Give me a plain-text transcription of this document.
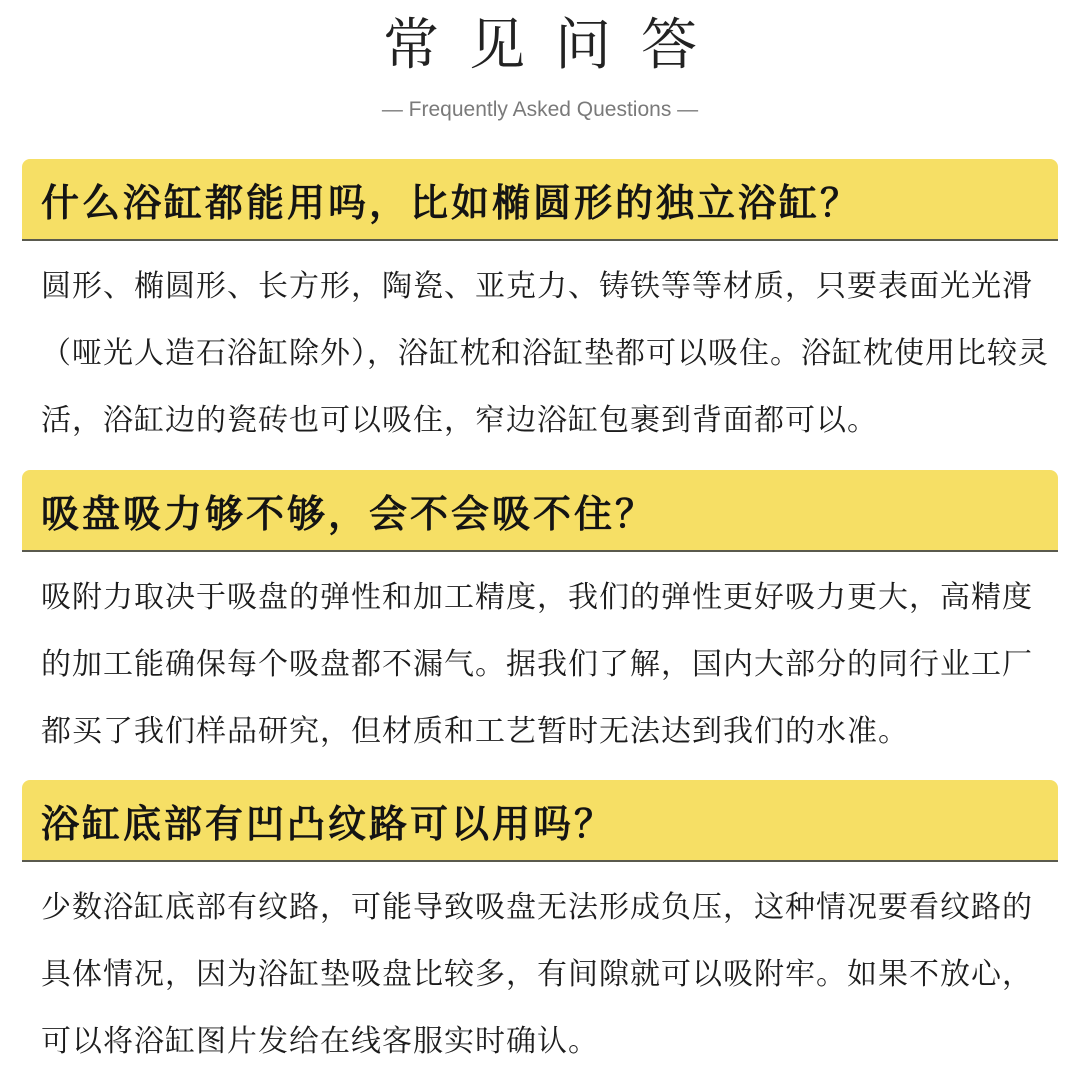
常见问答
— Frequently Asked Questions —
什么浴缸都能用吗，比如椭圆形的独立浴缸？

圆形、椭圆形、长方形，陶瓷、亚克力、铸铁等等材质，只要表面光光滑（哑光人造石浴缸除外），浴缸枕和浴缸垫都可以吸住。浴缸枕使用比较灵活，浴缸边的瓷砖也可以吸住，窄边浴缸包裹到背面都可以。

吸盘吸力够不够，会不会吸不住？

吸附力取决于吸盘的弹性和加工精度，我们的弹性更好吸力更大，高精度的加工能确保每个吸盘都不漏气。据我们了解，国内大部分的同行业工厂都买了我们样品研究，但材质和工艺暂时无法达到我们的水准。

浴缸底部有凹凸纹路可以用吗？

少数浴缸底部有纹路，可能导致吸盘无法形成负压，这种情况要看纹路的具体情况，因为浴缸垫吸盘比较多，有间隙就可以吸附牢。如果不放心，可以将浴缸图片发给在线客服实时确认。
